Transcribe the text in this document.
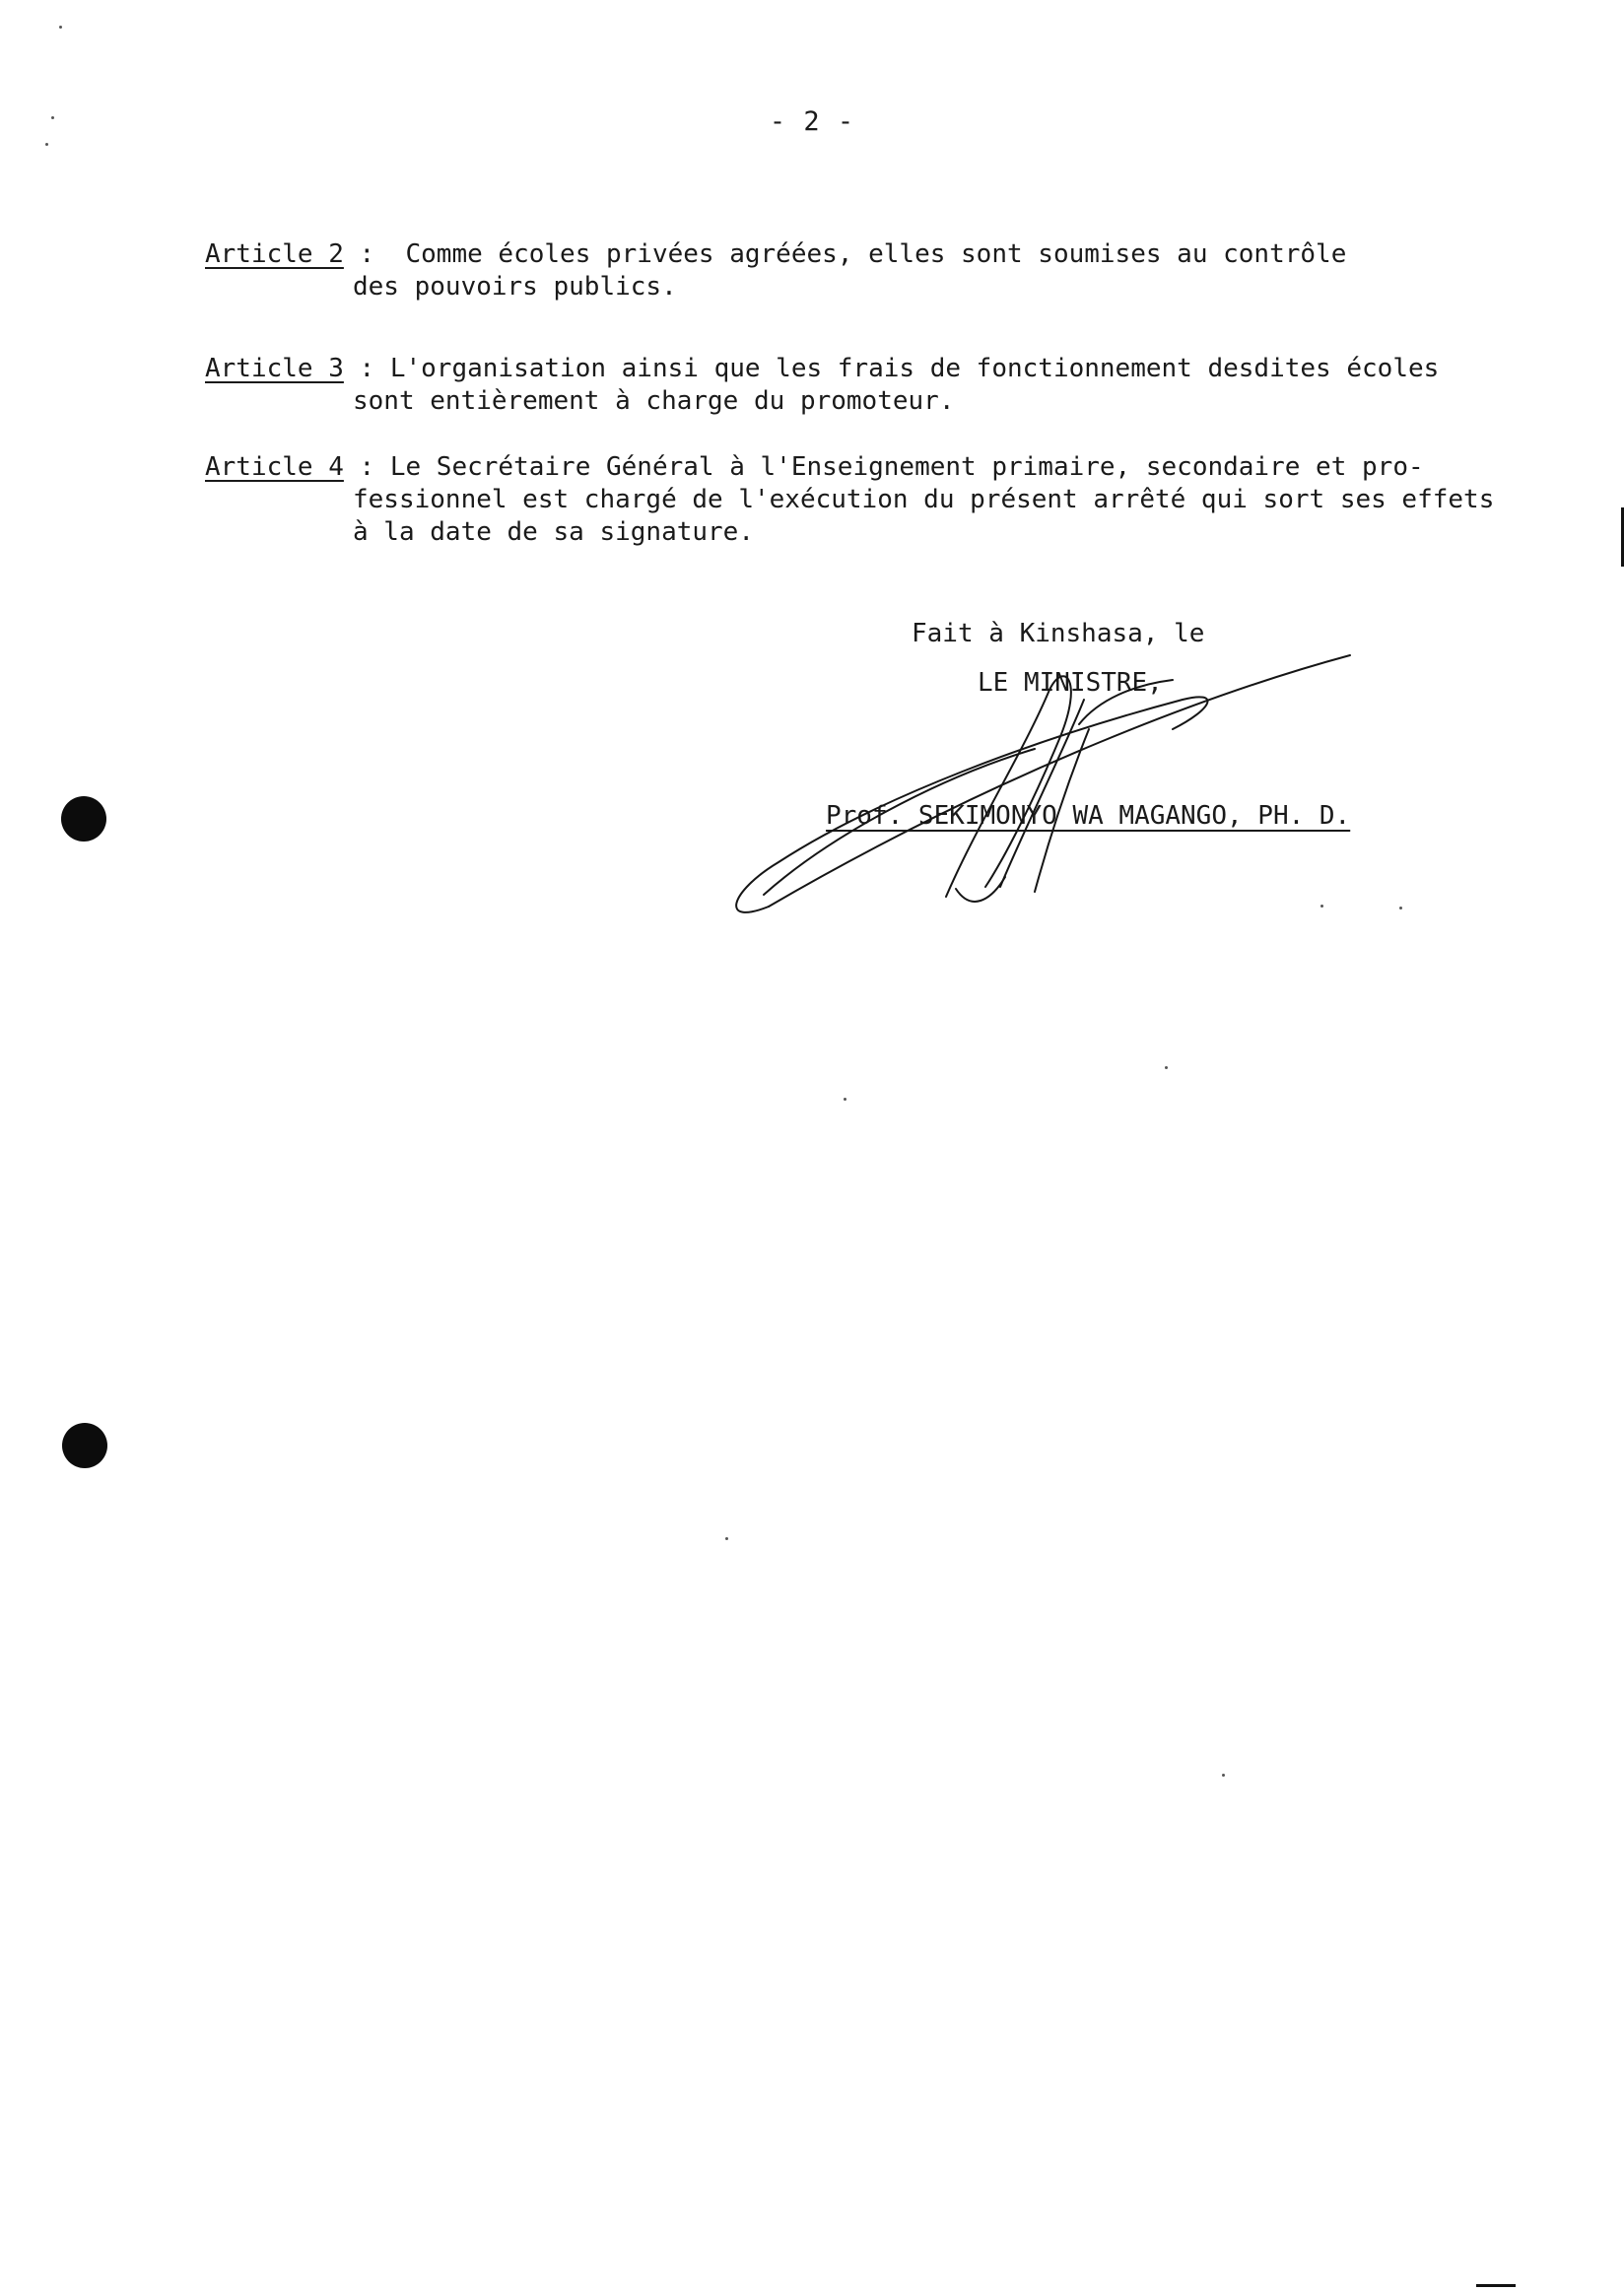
- 2 -
Article 2 :  Comme écoles privées agréées, elles sont soumises au contrôle
des pouvoirs publics.
Article 3 : L'organisation ainsi que les frais de fonctionnement desdites écoles
sont entièrement à charge du promoteur.
Article 4 : Le Secrétaire Général à l'Enseignement primaire, secondaire et pro-
fessionnel est chargé de l'exécution du présent arrêté qui sort ses effets
à la date de sa signature.
Fait à Kinshasa, le
LE MINISTRE,
Prof. SEKIMONYO WA MAGANGO, PH. D.
